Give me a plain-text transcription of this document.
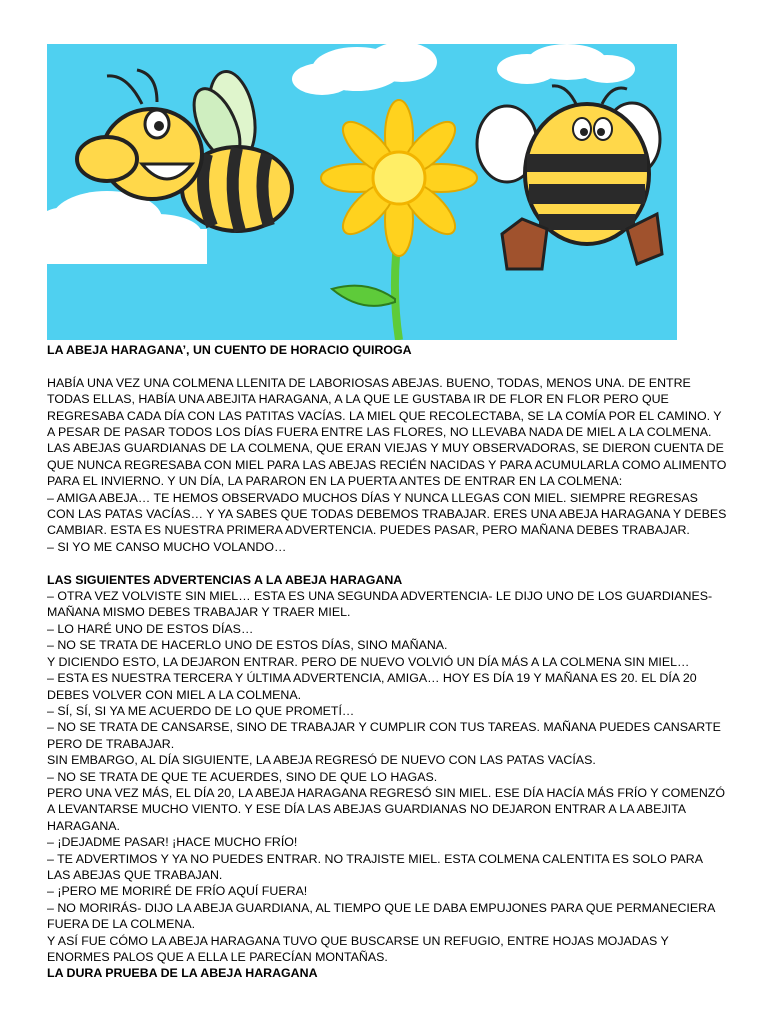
LA ABEJA HARAGANA’, UN CUENTO DE HORACIO QUIROGA

HABÍA UNA VEZ UNA COLMENA LLENITA DE LABORIOSAS ABEJAS. BUENO, TODAS, MENOS UNA. DE ENTRE TODAS ELLAS, HABÍA UNA ABEJITA HARAGANA, A LA QUE LE GUSTABA IR DE FLOR EN FLOR PERO QUE REGRESABA CADA DÍA CON LAS PATITAS VACÍAS. LA MIEL QUE RECOLECTABA, SE LA COMÍA POR EL CAMINO. Y A PESAR DE PASAR TODOS LOS DÍAS FUERA ENTRE LAS FLORES, NO LLEVABA NADA DE MIEL A LA COLMENA.

LAS ABEJAS GUARDIANAS DE LA COLMENA, QUE ERAN VIEJAS Y MUY OBSERVADORAS, SE DIERON CUENTA DE QUE NUNCA REGRESABA CON MIEL PARA LAS ABEJAS RECIÉN NACIDAS Y PARA ACUMULARLA COMO ALIMENTO PARA EL INVIERNO. Y UN DÍA, LA PARARON EN LA PUERTA ANTES DE ENTRAR EN LA COLMENA:

– AMIGA ABEJA… TE HEMOS OBSERVADO MUCHOS DÍAS Y NUNCA LLEGAS CON MIEL. SIEMPRE REGRESAS CON LAS PATAS VACÍAS… Y YA SABES QUE TODAS DEBEMOS TRABAJAR. ERES UNA ABEJA HARAGANA Y DEBES CAMBIAR. ESTA ES NUESTRA PRIMERA ADVERTENCIA. PUEDES PASAR, PERO MAÑANA DEBES TRABAJAR.

– SI YO ME CANSO MUCHO VOLANDO…

LAS SIGUIENTES ADVERTENCIAS A LA ABEJA HARAGANA

– OTRA VEZ VOLVISTE SIN MIEL… ESTA ES UNA SEGUNDA ADVERTENCIA- LE DIJO UNO DE LOS GUARDIANES- MAÑANA MISMO DEBES TRABAJAR Y TRAER MIEL.

– LO HARÉ UNO DE ESTOS DÍAS…

– NO SE TRATA DE HACERLO UNO DE ESTOS DÍAS, SINO MAÑANA.

Y DICIENDO ESTO, LA DEJARON ENTRAR. PERO DE NUEVO VOLVIÓ UN DÍA MÁS A LA COLMENA SIN MIEL…

– ESTA ES NUESTRA TERCERA Y ÚLTIMA ADVERTENCIA, AMIGA… HOY ES DÍA 19 Y MAÑANA ES 20. EL DÍA 20 DEBES VOLVER CON MIEL A LA COLMENA.

– SÍ, SÍ, SI YA ME ACUERDO DE LO QUE PROMETÍ…

– NO SE TRATA DE CANSARSE, SINO DE TRABAJAR Y CUMPLIR CON TUS TAREAS. MAÑANA PUEDES CANSARTE PERO DE TRABAJAR.

SIN EMBARGO, AL DÍA SIGUIENTE, LA ABEJA REGRESÓ DE NUEVO CON LAS PATAS VACÍAS.

– NO SE TRATA DE QUE TE ACUERDES, SINO DE QUE LO HAGAS.

PERO UNA VEZ MÁS, EL DÍA 20, LA ABEJA HARAGANA REGRESÓ SIN MIEL. ESE DÍA HACÍA MÁS FRÍO Y COMENZÓ A LEVANTARSE MUCHO VIENTO. Y ESE DÍA LAS ABEJAS GUARDIANAS NO DEJARON ENTRAR A LA ABEJITA HARAGANA.

– ¡DEJADME PASAR! ¡HACE MUCHO FRÍO!

– TE ADVERTIMOS Y YA NO PUEDES ENTRAR. NO TRAJISTE MIEL. ESTA COLMENA CALENTITA ES SOLO PARA LAS ABEJAS QUE TRABAJAN.

– ¡PERO ME MORIRÉ DE FRÍO AQUÍ FUERA!

– NO MORIRÁS- DIJO LA ABEJA GUARDIANA, AL TIEMPO QUE LE DABA EMPUJONES PARA QUE PERMANECIERA FUERA DE LA COLMENA.

Y ASÍ FUE CÓMO LA ABEJA HARAGANA TUVO QUE BUSCARSE UN REFUGIO, ENTRE HOJAS MOJADAS Y ENORMES PALOS QUE A ELLA LE PARECÍAN MONTAÑAS.

LA DURA PRUEBA DE LA ABEJA HARAGANA
